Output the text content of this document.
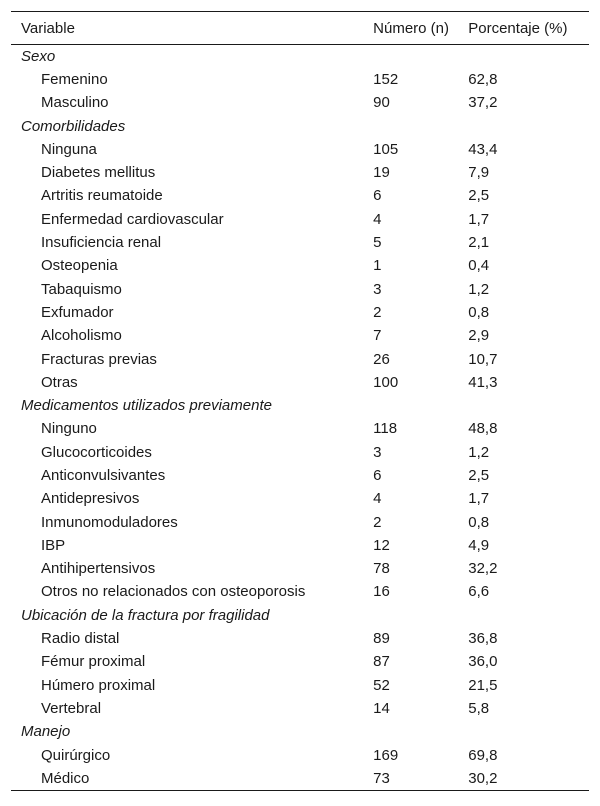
Variable	Número (n)	Porcentaje (%)
Sexo		
Femenino	152	62,8
Masculino	90	37,2
Comorbilidades		
Ninguna	105	43,4
Diabetes mellitus	19	7,9
Artritis reumatoide	6	2,5
Enfermedad cardiovascular	4	1,7
Insuficiencia renal	5	2,1
Osteopenia	1	0,4
Tabaquismo	3	1,2
Exfumador	2	0,8
Alcoholismo	7	2,9
Fracturas previas	26	10,7
Otras	100	41,3
Medicamentos utilizados previamente		
Ninguno	118	48,8
Glucocorticoides	3	1,2
Anticonvulsivantes	6	2,5
Antidepresivos	4	1,7
Inmunomoduladores	2	0,8
IBP	12	4,9
Antihipertensivos	78	32,2
Otros no relacionados con osteoporosis	16	6,6
Ubicación de la fractura por fragilidad		
Radio distal	89	36,8
Fémur proximal	87	36,0
Húmero proximal	52	21,5
Vertebral	14	5,8
Manejo		
Quirúrgico	169	69,8
Médico	73	30,2
